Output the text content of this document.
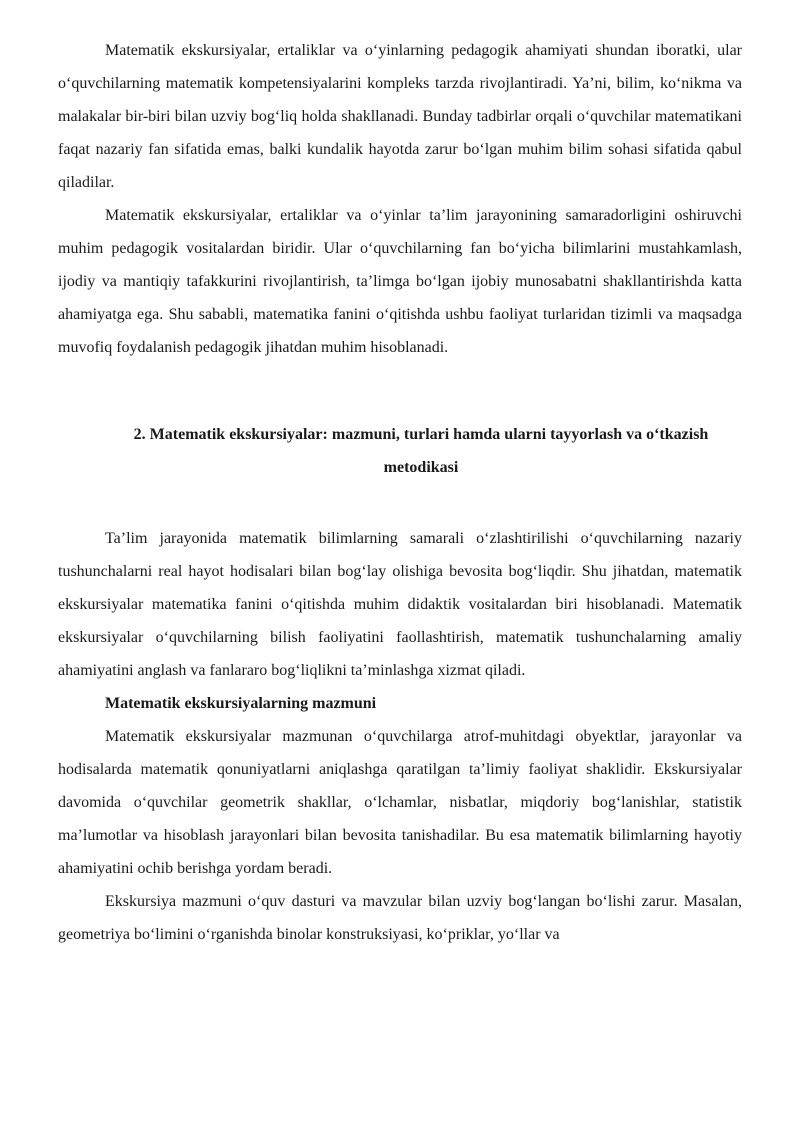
Matematik ekskursiyalar, ertaliklar va o‘yinlarning pedagogik ahamiyati shundan iboratki, ular o‘quvchilarning matematik kompetensiyalarini kompleks tarzda rivojlantiradi. Ya’ni, bilim, ko‘nikma va malakalar bir-biri bilan uzviy bog‘liq holda shakllanadi. Bunday tadbirlar orqali o‘quvchilar matematikani faqat nazariy fan sifatida emas, balki kundalik hayotda zarur bo‘lgan muhim bilim sohasi sifatida qabul qiladilar.

Matematik ekskursiyalar, ertaliklar va o‘yinlar ta’lim jarayonining samaradorligini oshiruvchi muhim pedagogik vositalardan biridir. Ular o‘quvchilarning fan bo‘yicha bilimlarini mustahkamlash, ijodiy va mantiqiy tafakkurini rivojlantirish, ta’limga bo‘lgan ijobiy munosabatni shakllantirishda katta ahamiyatga ega. Shu sababli, matematika fanini o‘qitishda ushbu faoliyat turlaridan tizimli va maqsadga muvofiq foydalanish pedagogik jihatdan muhim hisoblanadi.

2. Matematik ekskursiyalar: mazmuni, turlari hamda ularni tayyorlash va o‘tkazish metodikasi

Ta’lim jarayonida matematik bilimlarning samarali o‘zlashtirilishi o‘quvchilarning nazariy tushunchalarni real hayot hodisalari bilan bog‘lay olishiga bevosita bog‘liqdir. Shu jihatdan, matematik ekskursiyalar matematika fanini o‘qitishda muhim didaktik vositalardan biri hisoblanadi. Matematik ekskursiyalar o‘quvchilarning bilish faoliyatini faollashtirish, matematik tushunchalarning amaliy ahamiyatini anglash va fanlararo bog‘liqlikni ta’minlashga xizmat qiladi.

Matematik ekskursiyalarning mazmuni

Matematik ekskursiyalar mazmunan o‘quvchilarga atrof-muhitdagi obyektlar, jarayonlar va hodisalarda matematik qonuniyatlarni aniqlashga qaratilgan ta’limiy faoliyat shaklidir. Ekskursiyalar davomida o‘quvchilar geometrik shakllar, o‘lchamlar, nisbatlar, miqdoriy bog‘lanishlar, statistik ma’lumotlar va hisoblash jarayonlari bilan bevosita tanishadilar. Bu esa matematik bilimlarning hayotiy ahamiyatini ochib berishga yordam beradi.

Ekskursiya mazmuni o‘quv dasturi va mavzular bilan uzviy bog‘langan bo‘lishi zarur. Masalan, geometriya bo‘limini o‘rganishda binolar konstruksiyasi, ko‘priklar, yo‘llar va
